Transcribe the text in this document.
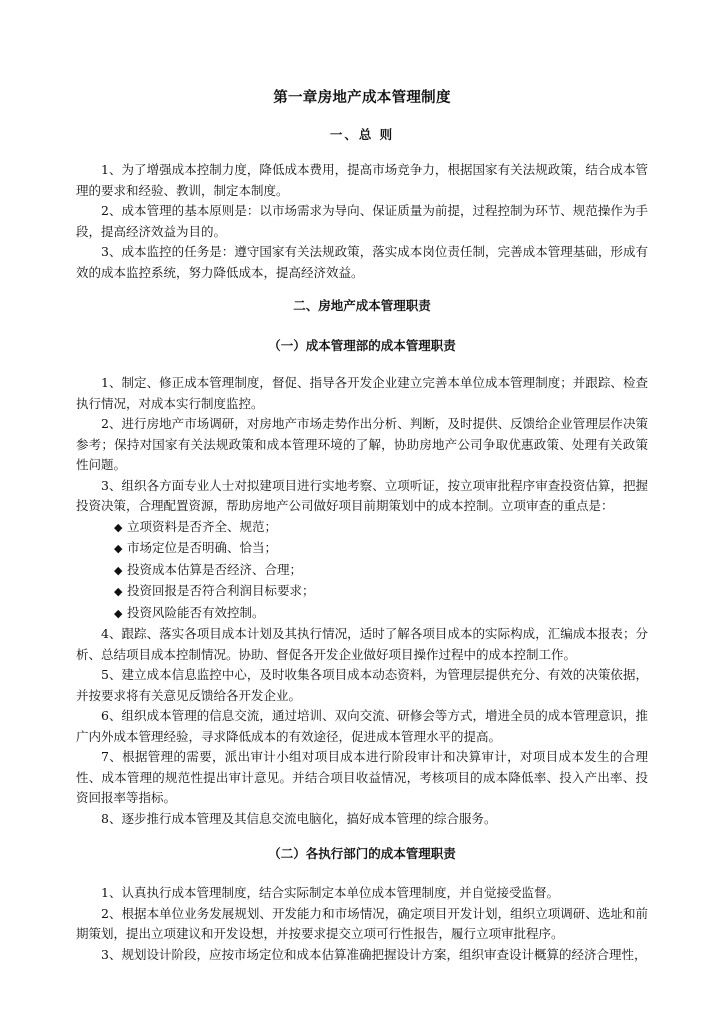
第一章房地产成本管理制度
一、总 则

1、为了增强成本控制力度，降低成本费用，提高市场竞争力，根据国家有关法规政策，结合成本管理的要求和经验、教训，制定本制度。

2、成本管理的基本原则是：以市场需求为导向、保证质量为前提，过程控制为环节、规范操作为手段，提高经济效益为目的。

3、成本监控的任务是：遵守国家有关法规政策，落实成本岗位责任制，完善成本管理基础，形成有效的成本监控系统，努力降低成本，提高经济效益。

二、房地产成本管理职责
（一）成本管理部的成本管理职责

1、制定、修正成本管理制度，督促、指导各开发企业建立完善本单位成本管理制度；并跟踪、检查执行情况，对成本实行制度监控。

2、进行房地产市场调研，对房地产市场走势作出分析、判断，及时提供、反馈给企业管理层作决策参考；保持对国家有关法规政策和成本管理环境的了解，协助房地产公司争取优惠政策、处理有关政策性问题。

3、组织各方面专业人士对拟建项目进行实地考察、立项听证，按立项审批程序审查投资估算，把握投资决策，合理配置资源，帮助房地产公司做好项目前期策划中的成本控制。立项审查的重点是：

◆ 立项资料是否齐全、规范；
◆ 市场定位是否明确、恰当；
◆ 投资成本估算是否经济、合理；
◆ 投资回报是否符合利润目标要求；
◆ 投资风险能否有效控制。

4、跟踪、落实各项目成本计划及其执行情况，适时了解各项目成本的实际构成，汇编成本报表；分析、总结项目成本控制情况。协助、督促各开发企业做好项目操作过程中的成本控制工作。

5、建立成本信息监控中心，及时收集各项目成本动态资料，为管理层提供充分、有效的决策依据，并按要求将有关意见反馈给各开发企业。

6、组织成本管理的信息交流，通过培训、双向交流、研修会等方式，增进全员的成本管理意识，推广内外成本管理经验，寻求降低成本的有效途径，促进成本管理水平的提高。

7、根据管理的需要，派出审计小组对项目成本进行阶段审计和决算审计，对项目成本发生的合理性、成本管理的规范性提出审计意见。并结合项目收益情况，考核项目的成本降低率、投入产出率、投资回报率等指标。

8、逐步推行成本管理及其信息交流电脑化，搞好成本管理的综合服务。

（二）各执行部门的成本管理职责

1、认真执行成本管理制度，结合实际制定本单位成本管理制度，并自觉接受监督。

2、根据本单位业务发展规划、开发能力和市场情况，确定项目开发计划，组织立项调研、选址和前期策划，提出立项建议和开发设想，并按要求提交立项可行性报告，履行立项审批程序。

3、规划设计阶段，应按市场定位和成本估算准确把握设计方案，组织审查设计概算的经济合理性，
